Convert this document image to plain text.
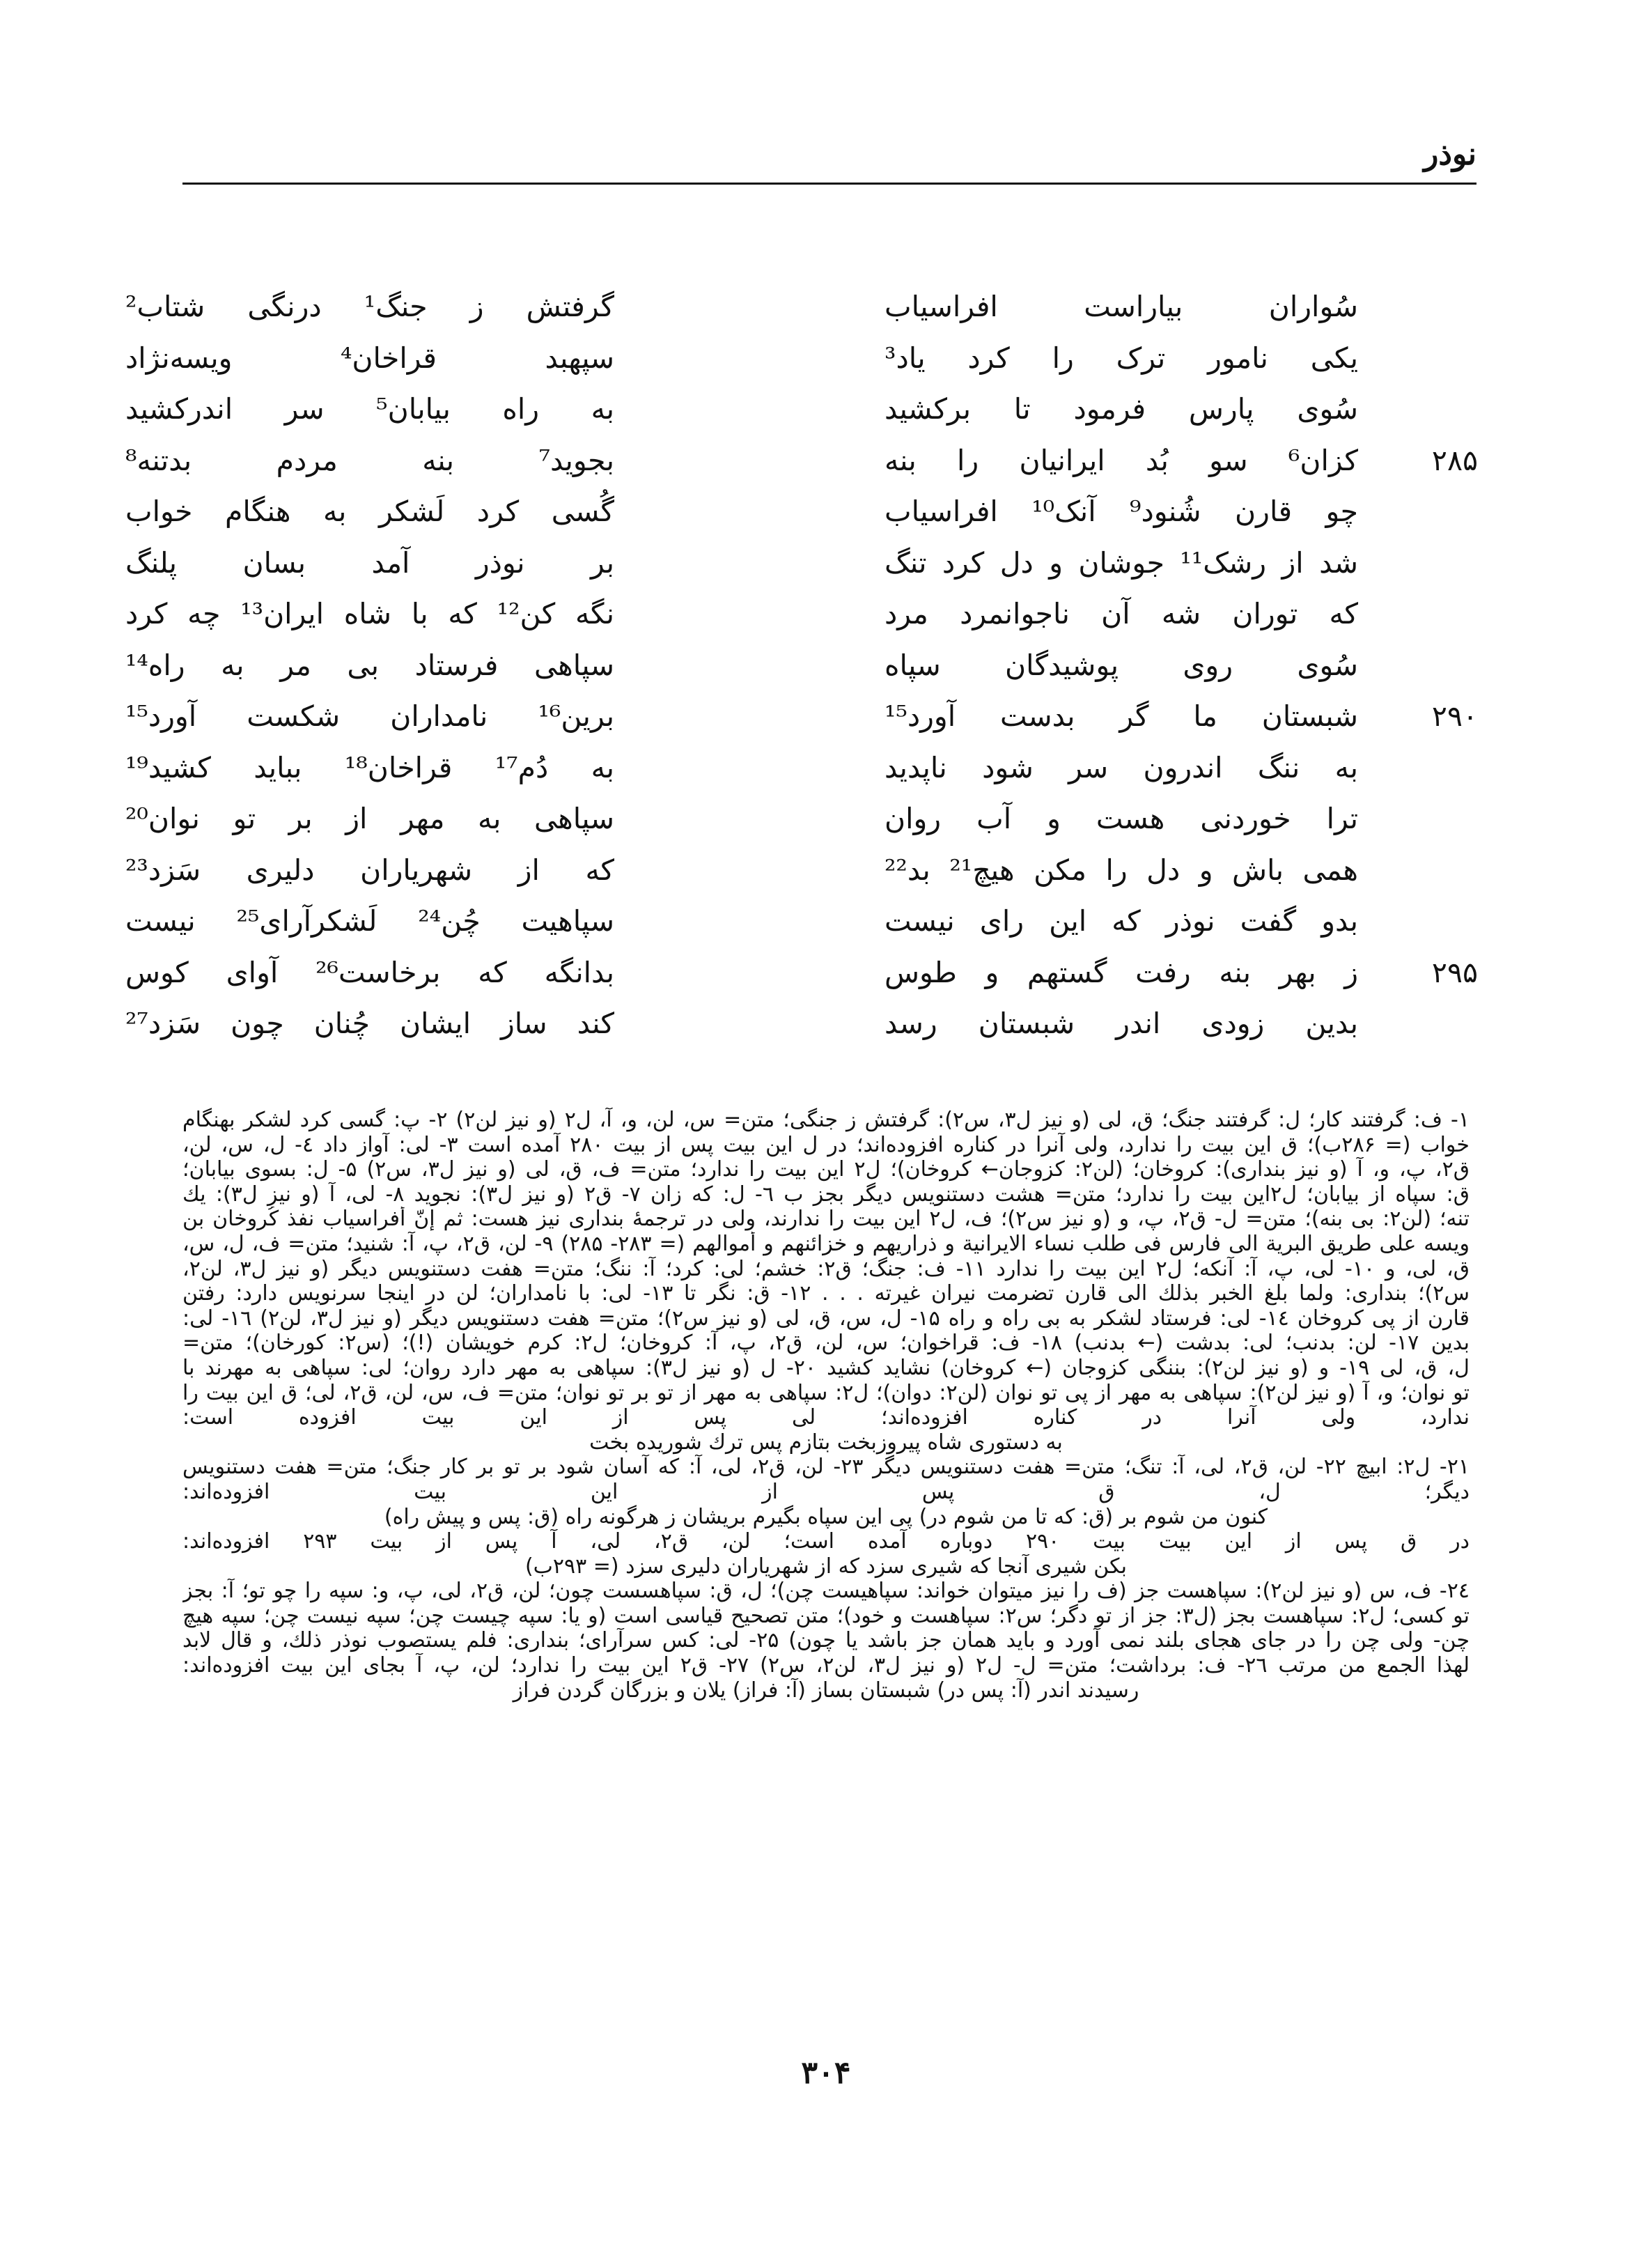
نوذر
سُواران بیاراست افراسیاب
گرفتش ز جنگ¹ درنگی شتاب²
یکی نامور ترک را کرد یاد³
سپهبد قراخان⁴ ویسه‌نژاد
سُوی پارس فرمود تا برکشید
به راه بیابان⁵ سر اندرکشید
۲۸۵
کزان⁶ سو بُد ایرانیان را بنه
بجوید⁷ بنه مردم بدتنه⁸
چو قارن شُنود⁹ آنک¹⁰ افراسیاب
گُسی کرد لَشکر به هنگام خواب
شد از رشک¹¹ جوشان و دل کرد تنگ
بر نوذر آمد بسان پلنگ
که توران شه آن ناجوانمرد مرد
نگه کن¹² که با شاه ایران¹³ چه کرد
سُوی روی پوشیدگان سپاه
سپاهی فرستاد بی مر به راه¹⁴
۲۹۰
شبستان ما گر بدست آورد¹⁵
برین¹⁶ نامداران شکست آورد¹⁵
به ننگ اندرون سر شود ناپدید
به دُم¹⁷ قراخان¹⁸ بباید کشید¹⁹
ترا خوردنی هست و آب روان
سپاهی به مهر از بر تو نوان²⁰
همی باش و دل را مکن هیچ²¹ بد²²
که از شهریاران دلیری سَزد²³
بدو گفت نوذر که این رای نیست
سپاهیت چُن²⁴ لَشکرآرای²⁵ نیست
۲۹۵
ز بهر بنه رفت گستهم و طوس
بدانگه که برخاست²⁶ آوای کوس
بدین زودی اندر شبستان رسد
کند ساز ایشان چُنان چون سَزد²⁷
۱- ف: گرفتند کار؛ ل: گرفتند جنگ؛ ق، لی (و نیز ل۳، س۲): گرفتش ز جنگی؛ متن= س، لن، و، آ، ل۲ (و نیز لن۲) ۲- پ: گسی کرد لشکر بهنگام
خواب (= ۲۸۶ب)؛ ق این بیت را ندارد، ولی آنرا در کناره افزوده‌اند؛ در ل این بیت پس از بیت ۲۸۰ آمده است ۳- لی: آواز داد ٤- ل، س، لن،
ق۲، پ، و، آ (و نیز بنداری): کروخان؛ (لن۲: کزوجان← کروخان)؛ ل۲ این بیت را ندارد؛ متن= ف، ق، لی (و نیز ل۳، س۲) ۵- ل: بسوی بیابان؛
ق: سپاه از بیابان؛ ل۲این بیت را ندارد؛ متن= هشت دستنویس دیگر بجز ب ٦- ل: که زان ۷- ق۲ (و نیز ل۳): نجوید ۸- لی، آ (و نیز ل۳): یك
تنه؛ (لن۲: بی بنه)؛ متن= ل- ق۲، پ، و (و نیز س۲)؛ ف، ل۲ این بیت را ندارند، ولی در ترجمهٔ بنداری نیز هست: ثم إنّ أفراسیاب نفذ کُروخان بن
ویسه علی طریق البریة الی فارس فی طلب نساء الایرانیة و ذراریهم و خزائنهم و أموالهم (= ۲۸۳- ۲۸۵) ۹- لن، ق۲، پ، آ: شنید؛ متن= ف، ل، س،
ق، لی، و ۱۰- لی، پ، آ: آنکه؛ ل۲ این بیت را ندارد ۱۱- ف: جنگ؛ ق۲: خشم؛ لی: کرد؛ آ: ننگ؛ متن= هفت دستنویس دیگر (و نیز ل۳، لن۲،
س۲)؛ بنداری: ولما بلغ الخبر بذلك الی قارن تضرمت نیران غیرته . . . ۱۲- ق: نگر تا ۱۳- لی: با نامداران؛ لن در اینجا سرنویس دارد: رفتن
قارن از پی کروخان ۱٤- لی: فرستاد لشکر به بی راه و راه ۱۵- ل، س، ق، لی (و نیز س۲)؛ متن= هفت دستنویس دیگر (و نیز ل۳، لن۲) ۱٦- لی:
بدین ۱۷- لن: بدنب؛ لی: بدشت (← بدنب) ۱۸- ف: قراخوان؛ س، لن، ق۲، پ، آ: کروخان؛ ل۲: کرم خویشان (!)؛ (س۲: کورخان)؛ متن=
ل، ق، لی ۱۹- و (و نیز لن۲): بننگی کزوجان (← کروخان) نشاید کشید ۲۰- ل (و نیز ل۳): سپاهی به مهر دارد روان؛ لی: سپاهی به مهرند با
تو نوان؛ و، آ (و نیز لن۲): سپاهی به مهر از پی تو نوان (لن۲: دوان)؛ ل۲: سپاهی به مهر از تو بر تو نوان؛ متن= ف، س، لن، ق۲، لی؛ ق این بیت را
ندارد، ولی آنرا در کناره افزوده‌اند؛ لی پس از این بیت افزوده است:
به دستوری شاه پیروزبخت بتازم پس ترك شوریده بخت
۲۱- ل۲: ابیچ ۲۲- لن، ق۲، لی، آ: تنگ؛ متن= هفت دستنویس دیگر ۲۳- لن، ق۲، لی، آ: که آسان شود بر تو بر کار جنگ؛ متن= هفت دستنویس
دیگر؛ ل، ق پس از این بیت افزوده‌اند:
کنون من شوم بر (ق: که تا من شوم در) پی این سپاه بگیرم بریشان ز هرگونه راه (ق: پس و پیش راه)
در ق پس از این بیت بیت ۲۹۰ دوباره آمده است؛ لن، ق۲، لی، آ پس از بیت ۲۹۳ افزوده‌اند:
بکن شیری آنجا که شیری سزد که از شهریاران دلیری سزد (= ۲۹۳ب)
۲٤- ف، س (و نیز لن۲): سپاهست جز (ف را نیز میتوان خواند: سپاهیست چن)؛ ل، ق: سپاهسست چون؛ لن، ق۲، لی، پ، و: سپه را چو تو؛ آ: بجز
تو کسی؛ ل۲: سپاهست بجز (ل۳: جز از تو دگر؛ س۲: سپاهست و خود)؛ متن تصحیح قیاسی است (و یا: سپه چیست چن؛ سپه نیست چن؛ سپه هیچ
چن- ولی چن را در جای هجای بلند نمی آورد و باید همان جز باشد یا چون) ۲۵- لی: کس سرآرای؛ بنداری: فلم یستصوب نوذر ذلك، و قال لابد
لهذا الجمع من مرتب ۲٦- ف: برداشت؛ متن= ل- ل۲ (و نیز ل۳، لن۲، س۲) ۲۷- ق۲ این بیت را ندارد؛ لن، پ، آ بجای این بیت افزوده‌اند:
رسیدند اندر (آ: پس در) شبستان بساز (آ: فراز) یلان و بزرگان گردن فراز
۳۰۴
